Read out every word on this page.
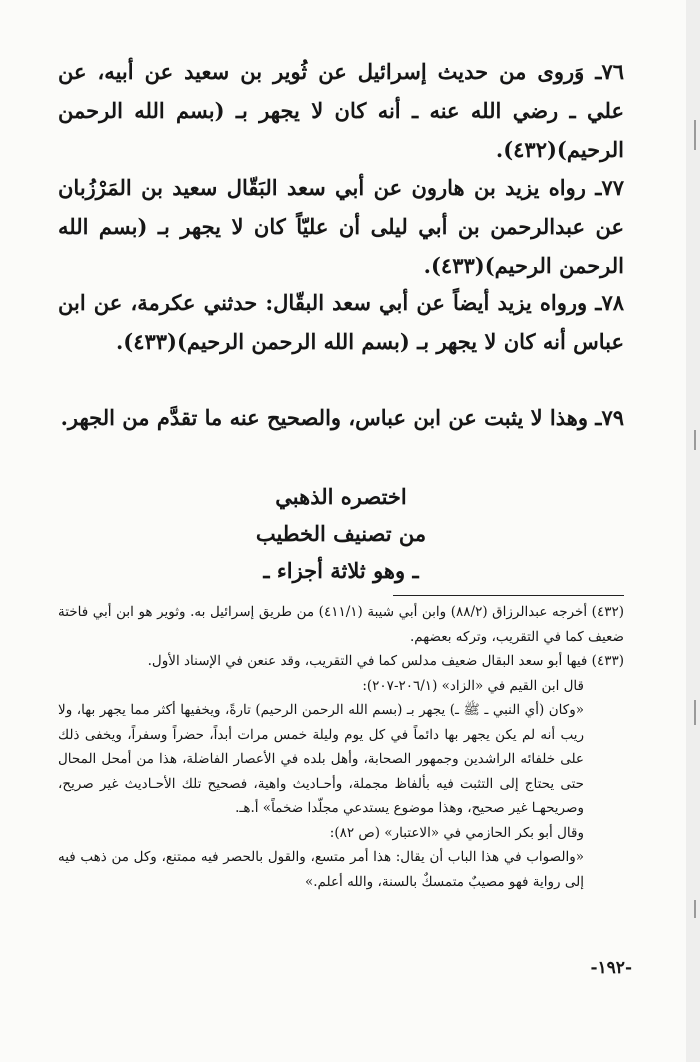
٧٦ـ وَروى من حديث إسرائيل عن ثُوير بن سعيد عن أبيه، عن علي ـ رضي الله عنه ـ أنه كان لا يجهر بـ (بسم الله الرحمن الرحيم)(٤٣٢).
٧٧ـ رواه يزيد بن هارون عن أبي سعد البَقّال سعيد بن المَرْزُبان عن عبدالرحمن بن أبي ليلى أن عليّاً كان لا يجهر بـ (بسم الله الرحمن الرحيم)(٤٣٣).
٧٨ـ ورواه يزيد أيضاً عن أبي سعد البقّال: حدثني عكرمة، عن ابن عباس أنه كان لا يجهر بـ (بسم الله الرحمن الرحيم)(٤٣٣).
٧٩ـ وهذا لا يثبت عن ابن عباس، والصحيح عنه ما تقدَّم من الجهر.
اختصره الذهبي
من تصنيف الخطيب
ـ وهو ثلاثة أجزاء ـ
(٤٣٢) أخرجه عبدالرزاق (٨٨/٢) وابن أبي شيبة (٤١١/١) من طريق إسرائيل به. وثوير هو ابن أبي فاختة ضعيف كما في التقريب، وتركه بعضهم.
(٤٣٣) فيها أبو سعد البقال ضعيف مدلس كما في التقريب، وقد عنعن في الإسناد الأول.
قال ابن القيم في «الزاد» (٢٠٦/١-٢٠٧):
«وكان (أي النبي ـ ﷺ ـ) يجهر بـ (بسم الله الرحمن الرحيم) تارةً، ويخفيها أكثر مما يجهر بها، ولا ريب أنه لم يكن يجهر بها دائماً في كل يوم وليلة خمس مرات أبداً، حضراً وسفراً، ويخفى ذلك على خلفائه الراشدين وجمهور الصحابة، وأهل بلده في الأعصار الفاضلة، هذا من أمحل المحال حتى يحتاج إلى التثبت فيه بألفاظ مجملة، وأحـاديث واهية، فصحيح تلك الأحـاديث غير صريح، وصريحهـا غير صحيح، وهذا موضوع يستدعي مجلّدا ضخماً» أ.هـ.
وقال أبو بكر الحازمي في «الاعتبار» (ص ٨٢):
«والصواب في هذا الباب أن يقال: هذا أمر متسع، والقول بالحصر فيه ممتنع، وكل من ذهب فيه إلى رواية فهو مصيبٌ متمسكٌ بالسنة، والله أعلم.»
-١٩٢-
